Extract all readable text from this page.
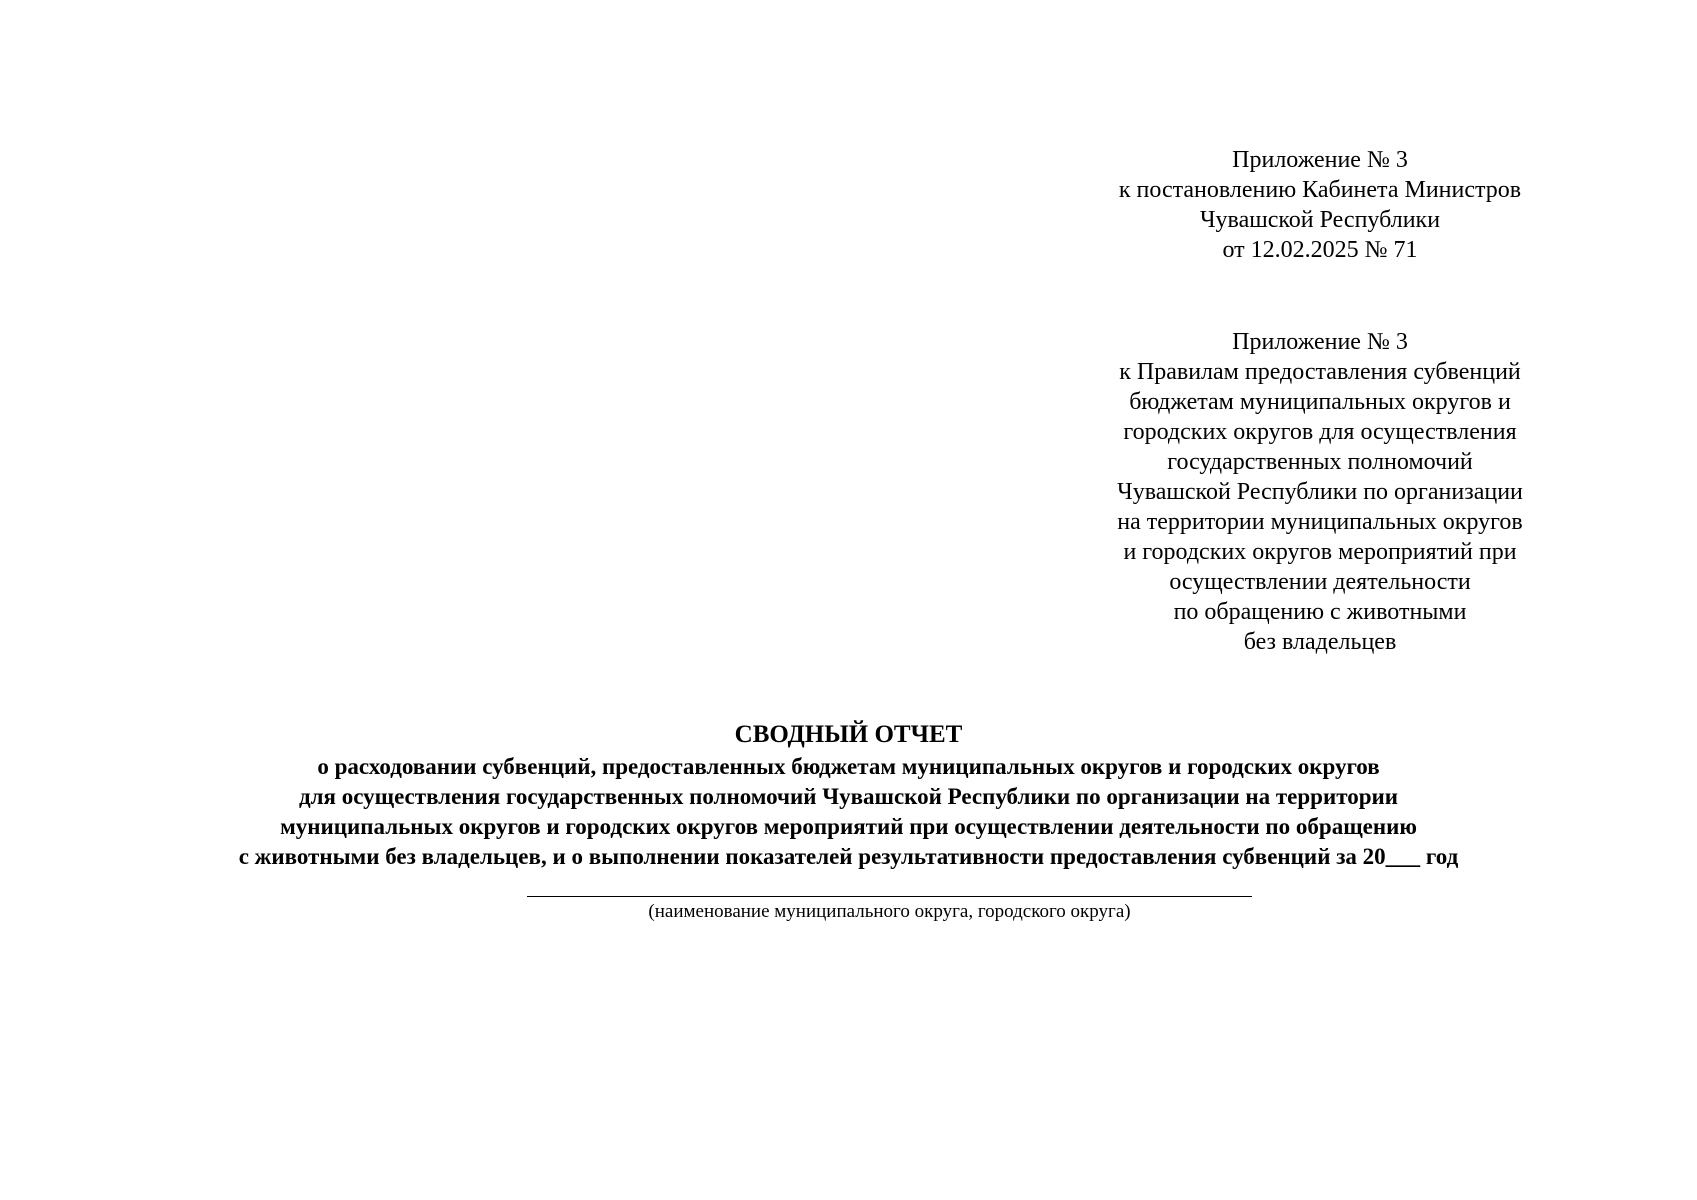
Приложение № 3
к постановлению Кабинета Министров
Чувашской Республики
от 12.02.2025 № 71
Приложение № 3
к Правилам предоставления субвенций
бюджетам муниципальных округов и
городских округов для осуществления
государственных полномочий
Чувашской Республики по организации
на территории муниципальных округов
и городских округов мероприятий при
осуществлении деятельности
по обращению с животными
без владельцев
СВОДНЫЙ ОТЧЕТ
о расходовании субвенций, предоставленных бюджетам муниципальных округов и городских округов
для осуществления государственных полномочий Чувашской Республики по организации на территории
муниципальных округов и городских округов мероприятий при осуществлении деятельности по обращению
с животными без владельцев, и о выполнении показателей результативности предоставления субвенций за 20___ год
(наименование муниципального округа, городского округа)
